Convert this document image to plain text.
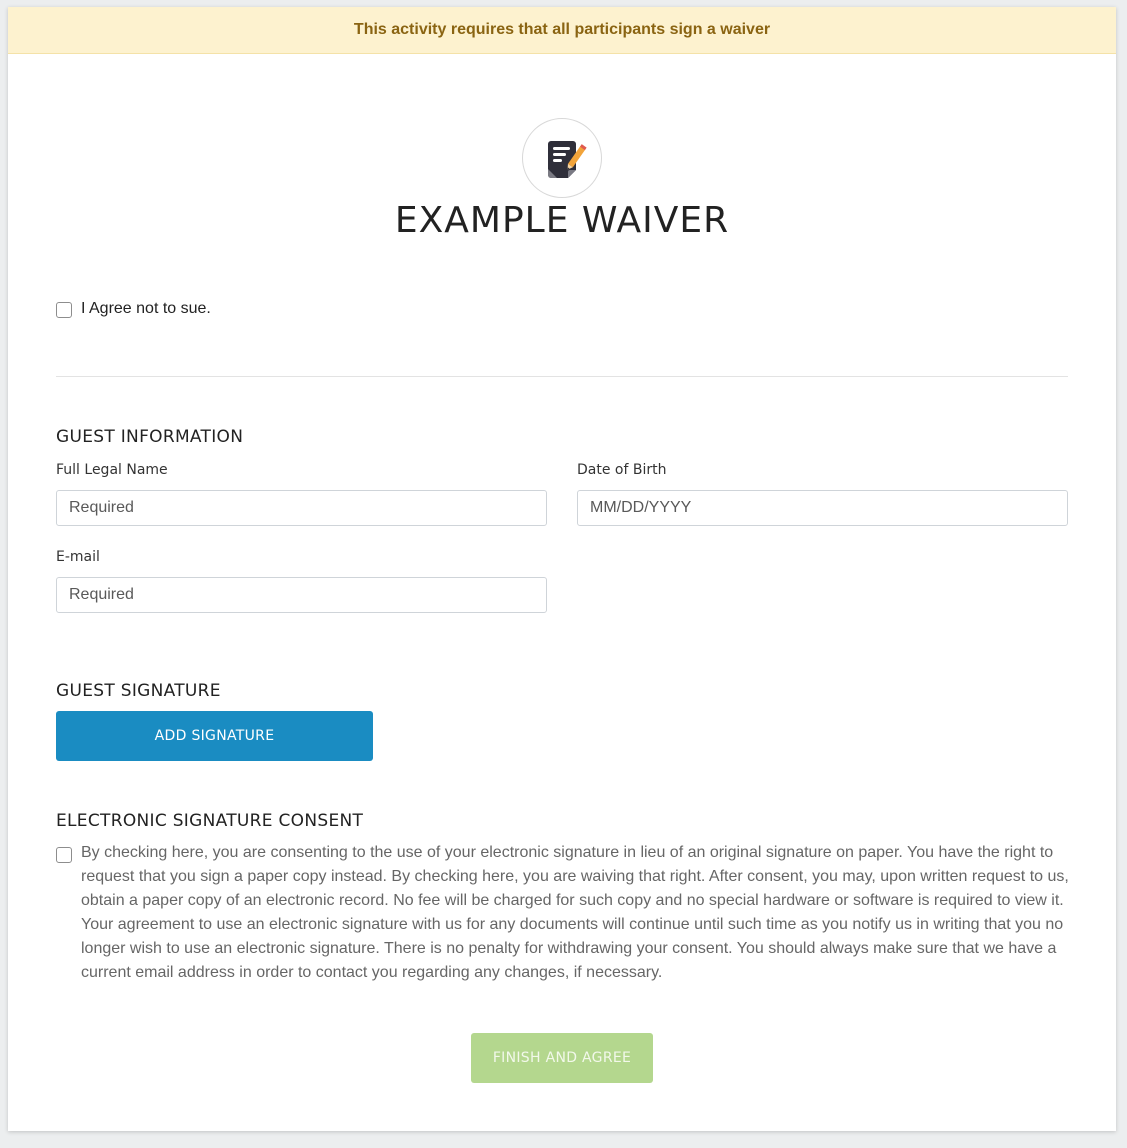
This activity requires that all participants sign a waiver
EXAMPLE WAIVER
I Agree not to sue.
GUEST INFORMATION
Full Legal Name
Required	Date of Birth
MM/DD/YYYY
E-mail
Required
GUEST SIGNATURE
ADD SIGNATURE
ELECTRONIC SIGNATURE CONSENT
By checking here, you are consenting to the use of your electronic signature in lieu of an original signature on paper. You have the right to request that you sign a paper copy instead. By checking here, you are waiving that right. After consent, you may, upon written request to us, obtain a paper copy of an electronic record. No fee will be charged for such copy and no special hardware or software is required to view it. Your agreement to use an electronic signature with us for any documents will continue until such time as you notify us in writing that you no longer wish to use an electronic signature. There is no penalty for withdrawing your consent. You should always make sure that we have a current email address in order to contact you regarding any changes, if necessary.
FINISH AND AGREE
